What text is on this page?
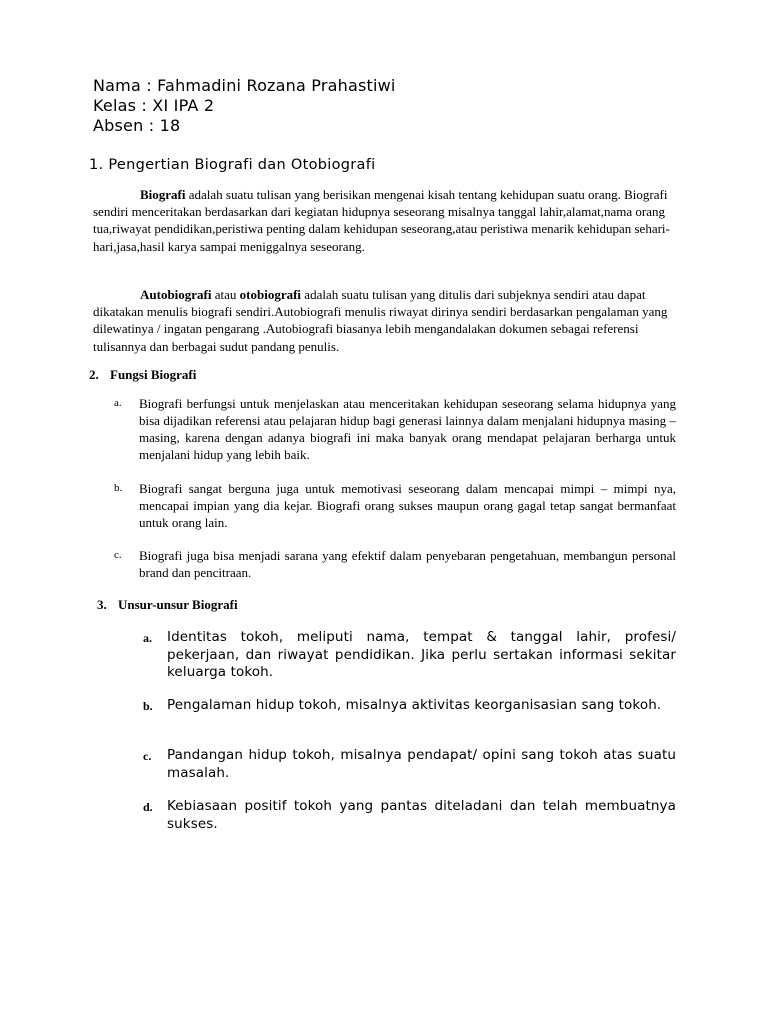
Nama : Fahmadini Rozana Prahastiwi
Kelas : XI IPA 2
Absen : 18
1. Pengertian Biografi dan Otobiografi
Biografi adalah suatu tulisan yang berisikan mengenai kisah tentang kehidupan suatu orang. Biografi sendiri menceritakan berdasarkan dari kegiatan hidupnya seseorang misalnya tanggal lahir,alamat,nama orang tua,riwayat pendidikan,peristiwa penting dalam kehidupan seseorang,atau peristiwa menarik kehidupan sehari-hari,jasa,hasil karya sampai meniggalnya seseorang.
Autobiografi atau otobiografi adalah suatu tulisan yang ditulis dari subjeknya sendiri atau dapat dikatakan menulis biografi sendiri.Autobiografi menulis riwayat dirinya sendiri berdasarkan pengalaman yang dilewatinya / ingatan pengarang .Autobiografi biasanya lebih mengandalakan dokumen sebagai referensi tulisannya dan berbagai sudut pandang penulis.
2. Fungsi Biografi
a. Biografi berfungsi untuk menjelaskan atau menceritakan kehidupan seseorang selama hidupnya yang bisa dijadikan referensi atau pelajaran hidup bagi generasi lainnya dalam menjalani hidupnya masing – masing, karena dengan adanya biografi ini maka banyak orang mendapat pelajaran berharga untuk menjalani hidup yang lebih baik.
b. Biografi sangat berguna juga untuk memotivasi seseorang dalam mencapai mimpi – mimpi nya, mencapai impian yang dia kejar. Biografi orang sukses maupun orang gagal tetap sangat bermanfaat untuk orang lain.
c. Biografi juga bisa menjadi sarana yang efektif dalam penyebaran pengetahuan, membangun personal brand dan pencitraan.
3. Unsur-unsur Biografi
a. Identitas tokoh, meliputi nama, tempat & tanggal lahir, profesi/ pekerjaan, dan riwayat pendidikan. Jika perlu sertakan informasi sekitar keluarga tokoh.
b. Pengalaman hidup tokoh, misalnya aktivitas keorganisasian sang tokoh.
c. Pandangan hidup tokoh, misalnya pendapat/ opini sang tokoh atas suatu masalah.
d. Kebiasaan positif tokoh yang pantas diteladani dan telah membuatnya sukses.
